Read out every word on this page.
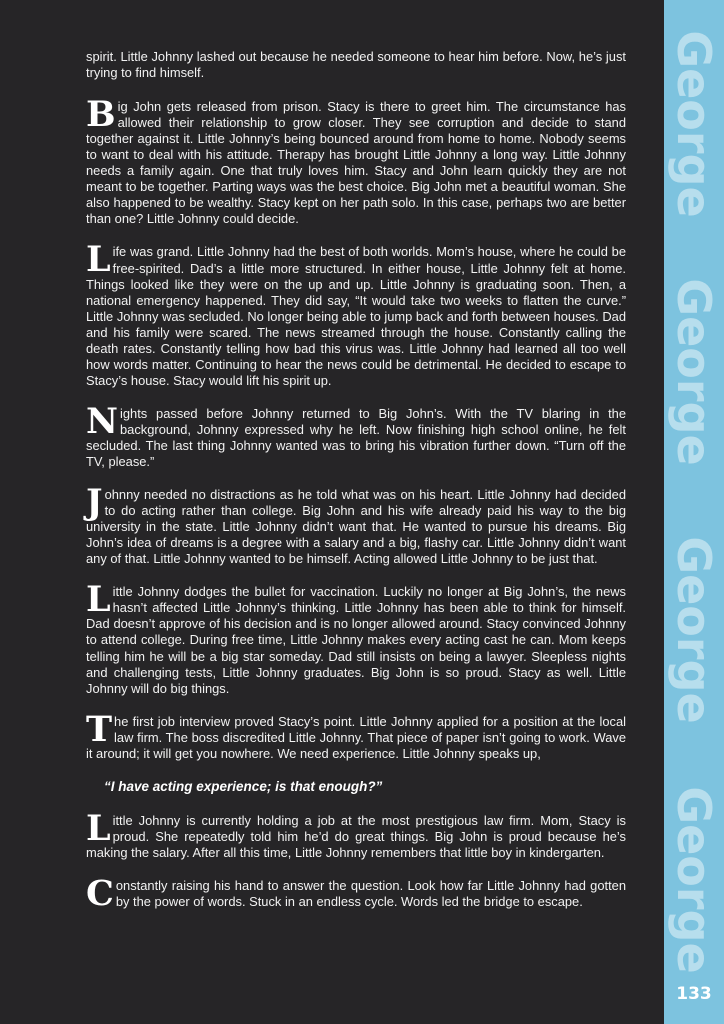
spirit. Little Johnny lashed out because he needed someone to hear him before. Now, he’s just trying to find himself.

Big John gets released from prison. Stacy is there to greet him. The circumstance has allowed their relationship to grow closer. They see corruption and decide to stand together against it. Little Johnny’s being bounced around from home to home. Nobody seems to want to deal with his attitude. Therapy has brought Little Johnny a long way. Little Johnny needs a family again. One that truly loves him. Stacy and John learn quickly they are not meant to be together. Parting ways was the best choice. Big John met a beautiful woman. She also happened to be wealthy. Stacy kept on her path solo. In this case, perhaps two are better than one? Little Johnny could decide.

Life was grand. Little Johnny had the best of both worlds. Mom’s house, where he could be free-spirited. Dad’s a little more structured. In either house, Little Johnny felt at home. Things looked like they were on the up and up. Little Johnny is graduating soon. Then, a national emergency happened. They did say, “It would take two weeks to flatten the curve.” Little Johnny was secluded. No longer being able to jump back and forth between houses. Dad and his family were scared. The news streamed through the house. Constantly calling the death rates. Constantly telling how bad this virus was. Little Johnny had learned all too well how words matter. Continuing to hear the news could be detrimental. He decided to escape to Stacy’s house. Stacy would lift his spirit up.

Nights passed before Johnny returned to Big John’s. With the TV blaring in the background, Johnny expressed why he left. Now finishing high school online, he felt secluded. The last thing Johnny wanted was to bring his vibration further down. “Turn off the TV, please.”

Johnny needed no distractions as he told what was on his heart. Little Johnny had decided to do acting rather than college. Big John and his wife already paid his way to the big university in the state. Little Johnny didn’t want that. He wanted to pursue his dreams. Big John’s idea of dreams is a degree with a salary and a big, flashy car. Little Johnny didn’t want any of that. Little Johnny wanted to be himself. Acting allowed Little Johnny to be just that.

Little Johnny dodges the bullet for vaccination. Luckily no longer at Big John’s, the news hasn’t affected Little Johnny’s thinking. Little Johnny has been able to think for himself. Dad doesn’t approve of his decision and is no longer allowed around. Stacy convinced Johnny to attend college. During free time, Little Johnny makes every acting cast he can. Mom keeps telling him he will be a big star someday. Dad still insists on being a lawyer. Sleepless nights and challenging tests, Little Johnny graduates. Big John is so proud. Stacy as well. Little Johnny will do big things.

The first job interview proved Stacy’s point. Little Johnny applied for a position at the local law firm. The boss discredited Little Johnny. That piece of paper isn’t going to work. Wave it around; it will get you nowhere. We need experience. Little Johnny speaks up,

“I have acting experience; is that enough?”

Little Johnny is currently holding a job at the most prestigious law firm. Mom, Stacy is proud. She repeatedly told him he’d do great things. Big John is proud because he’s making the salary. After all this time, Little Johnny remembers that little boy in kindergarten.

Constantly raising his hand to answer the question. Look how far Little Johnny had gotten by the power of words. Stuck in an endless cycle. Words led the bridge to escape.

George
George
George
George
133
